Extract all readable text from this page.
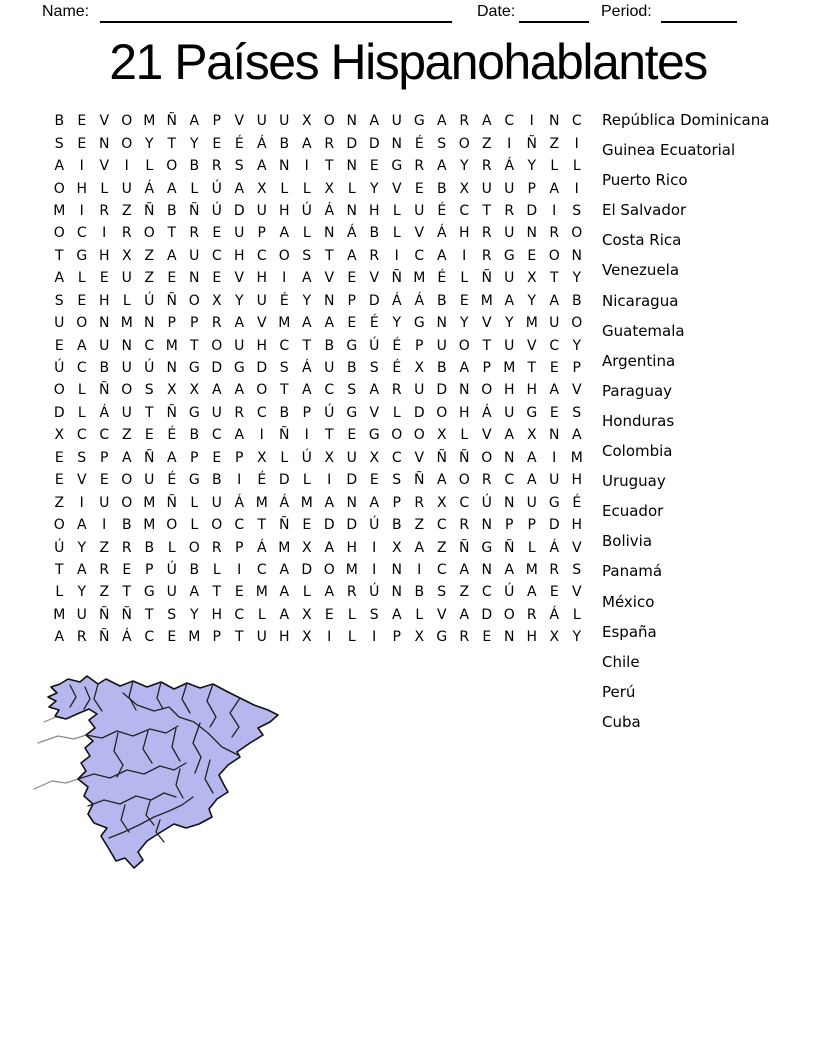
Name:	Date:	Period:
21 Países Hispanohablantes
B E V O M Ñ A P V U U X O N A U G A R A C	I	N C
S E N O Y T Y E É Á B A R D D N É S O Z	I	Ñ Z	I
A	I	V	I	L O B R S A N	I	T N E G R A Y R Á Y	L	L
O H L U Á A L Ú A X L	L X L	Y V E B X U U P A	I
M	I	R Z Ñ B Ñ Ú D U H Ú Á N H L U É C T R D	I	S
O C	I	R O T R E U P A L N Á B L V Á H R U N R O
T G H X Z A U C H C O S T A R	I	C A	I	R G E O N
A L	E U Z E N E V H	I	A V E V Ñ M É	L Ñ U X T Y
S E H L Ú Ñ O X Y U É Y N P D Á Á B E M A Y A B
U O N M N P	P R A V M A A E É Y G N Y V Y M U O
E A U N C M T O U H C T B G Ú É P U O T U V C Y
Ú C B U Ú N G D G D S Á U B S É X B A P M T E P
O L Ñ O S X X A A O T A C S A R U D N O H H A V
D L Á U T Ñ G U R C B P Ú G V L D O H Á U G E S
X C C Z E É B C A	I	Ñ	I	T E G O O X L V A X N A
E S P A Ñ A P E P X L Ú X U X C V Ñ Ñ O N A	I	M
E V E O U É G B	I	É D L	I	D E S Ñ A O R C A U H
Z	I	U O M Ñ L U Á M Á M A N A P R X C Ú N U G É
O A	I	B M O L O C T Ñ E D D Ú B Z C R N P	P D H
Ú Y Z R B L O R P Á M X A H	I	X A Z Ñ G Ñ L Á V
T A R E P Ú B L	I	C A D O M	I	N	I	C A N A M R S
L	Y Z T G U A T E M A L A R Ú N B S Z C Ú A E V
M U Ñ Ñ T S Y H C L A X E	L	S A L V A D O R Á L
A R Ñ Á C E M P	T U H X	I	L	I	P X G R E N H X Y
República Dominicana
Guinea Ecuatorial
Puerto Rico
El Salvador
Costa Rica
Venezuela
Nicaragua
Guatemala
Argentina
Paraguay
Honduras
Colombia
Uruguay
Ecuador
Bolivia
Panamá
México
España
Chile
Perú
Cuba
